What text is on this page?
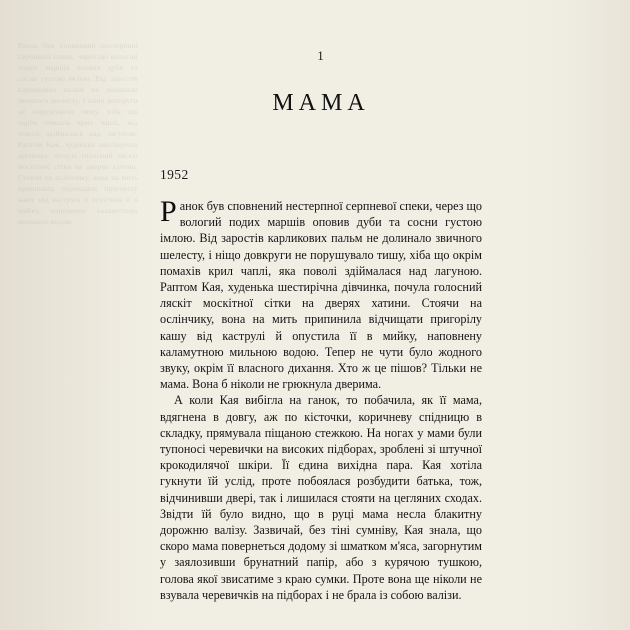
Ранок був сповнений нестерпної серпневої спеки, через що вологий подих маршів оповив дуби та сосни густою імлою. Від заростів карликових пальм не долинало звичного шелесту, і ніщо довкруги не порушувало тишу, хіба що окрім помахів крил чаплі, яка поволі здіймалася над лагуною. Раптом Кая, худенька шестирічна дівчинка, почула голосний ляскіт москітної сітки на дверях хатини. Стоячи на ослінчику, вона на мить припинила відчищати пригорілу кашу від каструлі й опустила її в мийку, наповнену каламутною мильною водою.
1
МАМА
1952

Ранок був сповнений нестерпної серпневої спеки, через що вологий подих маршів оповив дуби та сосни густою імлою. Від заростів карликових пальм не долинало звичного шелесту, і ніщо довкруги не порушувало тишу, хіба що окрім помахів крил чаплі, яка поволі здіймалася над лагуною. Раптом Кая, худенька шестирічна дівчинка, почула голосний ляскіт москітної сітки на дверях хатини. Стоячи на ослінчику, вона на мить припинила відчищати пригорілу кашу від каструлі й опустила її в мийку, наповнену каламутною мильною водою. Тепер не чути було жодного звуку, окрім її власного дихання. Хто ж це пішов? Тільки не мама. Вона б ніколи не грюкнула дверима.

А коли Кая вибігла на ганок, то побачила, як її мама, вдягнена в довгу, аж по кісточки, коричневу спідницю в складку, прямувала піщаною стежкою. На ногах у мами були тупоносі черевички на високих підборах, зроблені зі штучної крокодилячої шкіри. Її єдина вихідна пара. Кая хотіла гукнути їй услід, проте побоялася розбудити батька, тож, відчинивши двері, так і лишилася стояти на цегляних сходах. Звідти їй було видно, що в руці мама несла блакитну дорожню валізу. Зазвичай, без тіні сумніву, Кая знала, що скоро мама повернеться додому зі шматком м'яса, загорнутим у заялозивши брунатний папір, або з курячою тушкою, голова якої звисатиме з краю сумки. Проте вона ще ніколи не взувала черевичків на підборах і не брала із собою валізи.
